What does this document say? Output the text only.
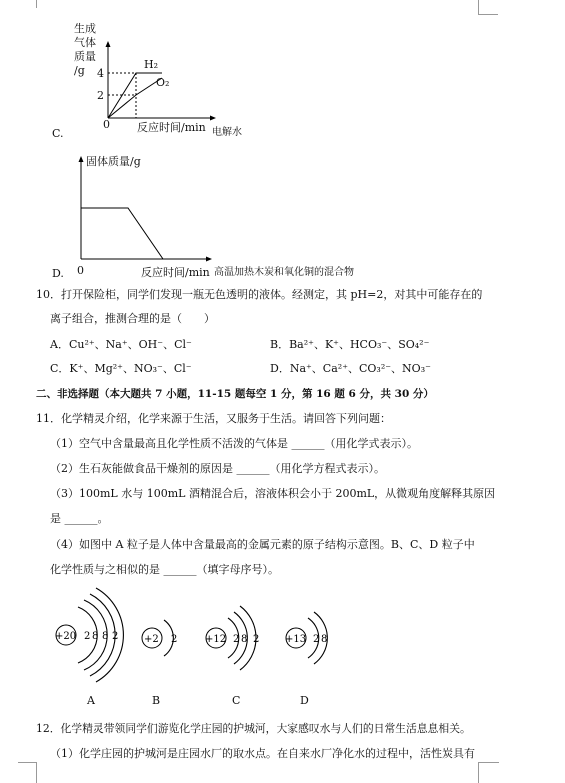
生成
气体
质量
/g 4
2
0
H₂
O₂
反应时间/min 电解水
C.
固体质量/g
0
D.	反应时间/min 高温加热木炭和氧化铜的混合物
10．打开保险柜，同学们发现一瓶无色透明的液体。经测定，其 pH=2，对其中可能存在的
离子组合，推测合理的是（　　）
A．Cu²⁺、Na⁺、OH⁻、Cl⁻	B．Ba²⁺、K⁺、HCO₃⁻、SO₄²⁻
C．K⁺、Mg²⁺、NO₃⁻、Cl⁻	D．Na⁺、Ca²⁺、CO₃²⁻、NO₃⁻
二、非选择题（本大题共 7 小题，11-15 题每空 1 分，第 16 题 6 分，共 30 分）
11．化学精灵介绍，化学来源于生活，又服务于生活。请回答下列问题：
（1）空气中含量最高且化学性质不活泼的气体是 ______（用化学式表示）。
（2）生石灰能做食品干燥剂的原因是 ______（用化学方程式表示）。
（3）100mL 水与 100mL 酒精混合后，溶液体积会小于 200mL，从微观角度解释其原因
是 ______。
（4）如图中 A 粒子是人体中含量最高的金属元素的原子结构示意图。B、C、D 粒子中
化学性质与之相似的是 ______（填字母序号）。
+20 2 8 8 2	+2 2	+12 2 8 2	+13 2 8
A	B	C	D
12．化学精灵带领同学们游览化学庄园的护城河，大家感叹水与人们的日常生活息息相关。
（1）化学庄园的护城河是庄园水厂的取水点。在自来水厂净化水的过程中，活性炭具有
